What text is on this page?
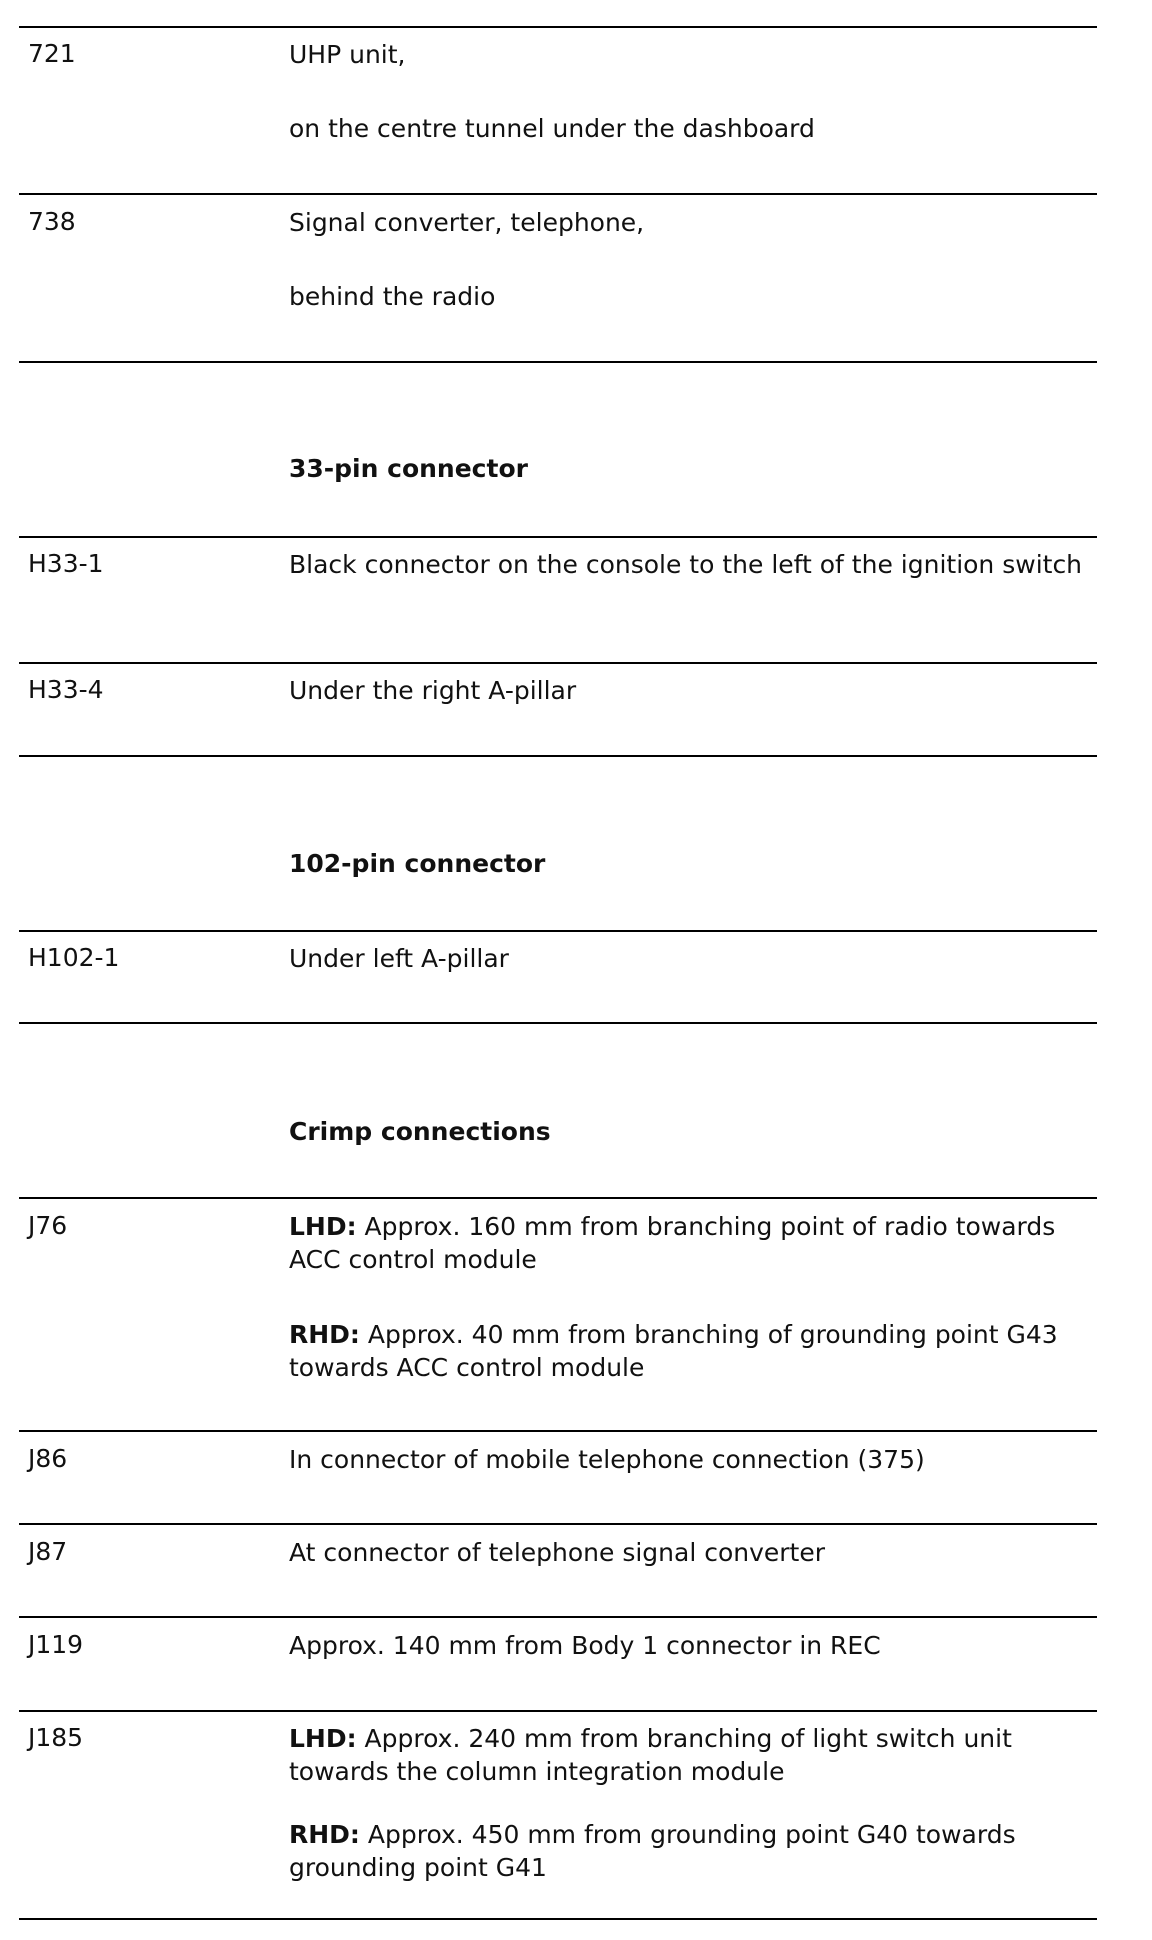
721	UHP unit,
on the centre tunnel under the dashboard
738	Signal converter, telephone,
behind the radio
33-pin connector
H33-1	Black connector on the console to the left of the ignition switch
H33-4	Under the right A-pillar
102-pin connector
H102-1	Under left A-pillar
Crimp connections
J76	LHD: Approx. 160 mm from branching point of radio towards ACC control module
RHD: Approx. 40 mm from branching of grounding point G43 towards ACC control module
J86	In connector of mobile telephone connection (375)
J87	At connector of telephone signal converter
J119	Approx. 140 mm from Body 1 connector in REC
J185	LHD: Approx. 240 mm from branching of light switch unit towards the column integration module
RHD: Approx. 450 mm from grounding point G40 towards grounding point G41
